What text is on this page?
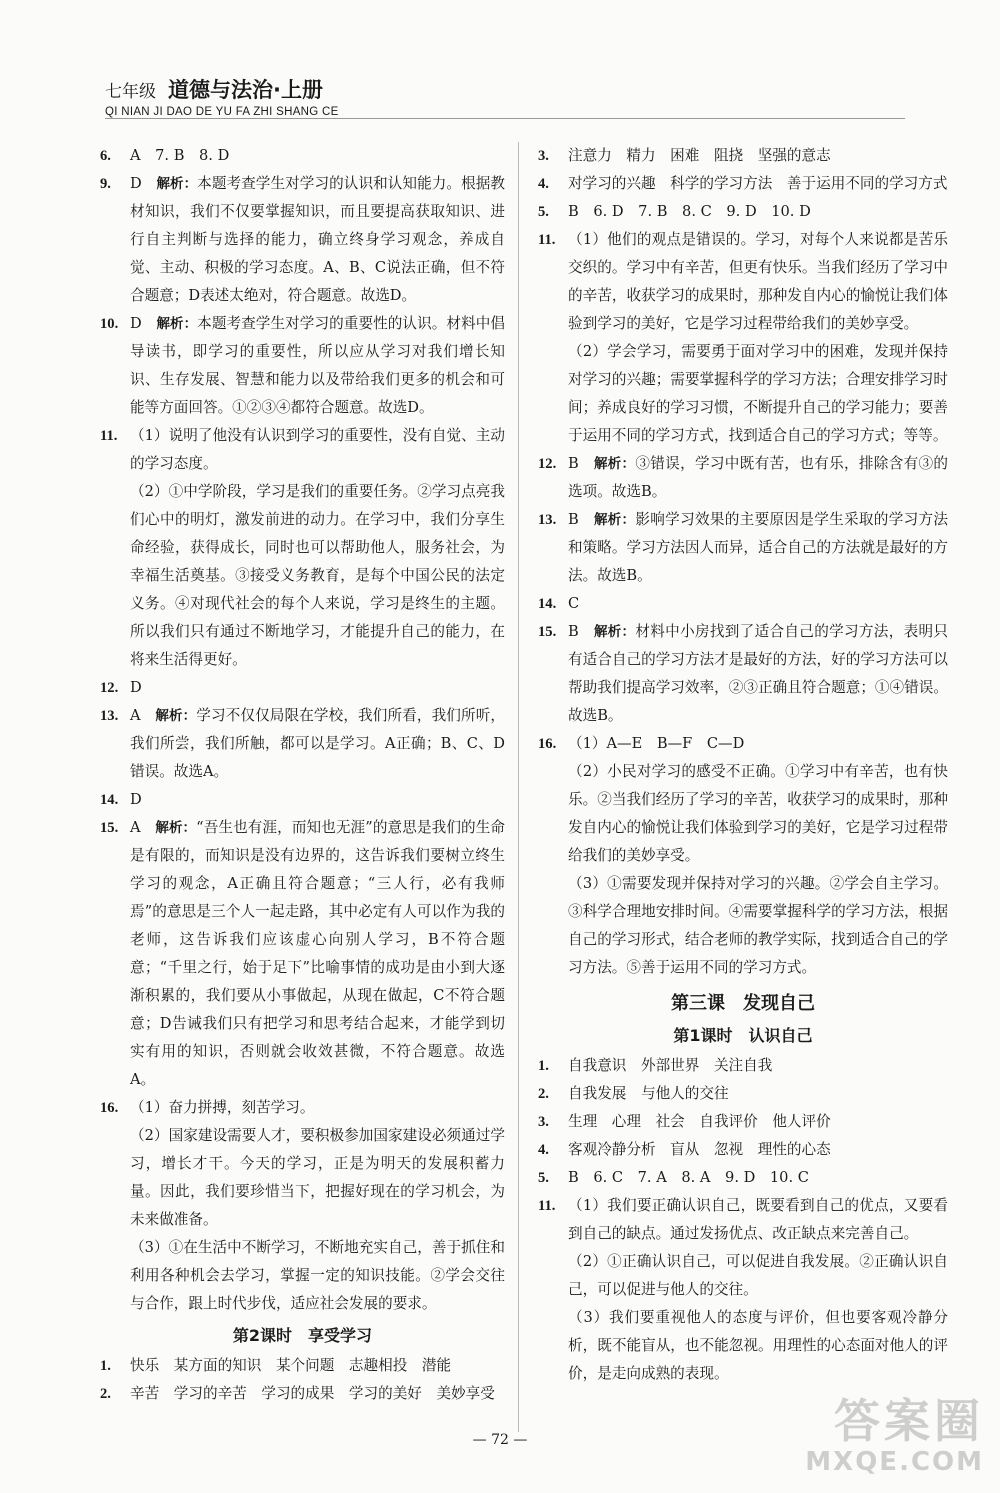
七年级 道德与法治·上册
QI NIAN JI DAO DE YU FA ZHI SHANG CE
6.	A　7. B　8. D
9.	D　解析：本题考查学生对学习的认识和认知能力。根据教材知识，我们不仅要掌握知识，而且要提高获取知识、进行自主判断与选择的能力，确立终身学习观念，养成自觉、主动、积极的学习态度。A、B、C说法正确，但不符合题意；D表述太绝对，符合题意。故选D。
10. D　解析：本题考查学生对学习的重要性的认识。材料中倡导读书，即学习的重要性，所以应从学习对我们增长知识、生存发展、智慧和能力以及带给我们更多的机会和可能等方面回答。①②③④都符合题意。故选D。
11. （1）说明了他没有认识到学习的重要性，没有自觉、主动的学习态度。
（2）①中学阶段，学习是我们的重要任务。②学习点亮我们心中的明灯，激发前进的动力。在学习中，我们分享生命经验，获得成长，同时也可以帮助他人，服务社会，为幸福生活奠基。③接受义务教育，是每个中国公民的法定义务。④对现代社会的每个人来说，学习是终生的主题。所以我们只有通过不断地学习，才能提升自己的能力，在将来生活得更好。
12. D
13. A　解析：学习不仅仅局限在学校，我们所看，我们所听，我们所尝，我们所触，都可以是学习。A正确；B、C、D错误。故选A。
14. D
15. A　解析：“吾生也有涯，而知也无涯”的意思是我们的生命是有限的，而知识是没有边界的，这告诉我们要树立终生学习的观念，A正确且符合题意；“三人行，必有我师焉”的意思是三个人一起走路，其中必定有人可以作为我的老师，这告诉我们应该虚心向别人学习，B不符合题意；“千里之行，始于足下”比喻事情的成功是由小到大逐渐积累的，我们要从小事做起，从现在做起，C不符合题意；D告诫我们只有把学习和思考结合起来，才能学到切实有用的知识，否则就会收效甚微，不符合题意。故选A。
16. （1）奋力拼搏，刻苦学习。
（2）国家建设需要人才，要积极参加国家建设必须通过学习，增长才干。今天的学习，正是为明天的发展积蓄力量。因此，我们要珍惜当下，把握好现在的学习机会，为未来做准备。
（3）①在生活中不断学习，不断地充实自己，善于抓住和利用各种机会去学习，掌握一定的知识技能。②学会交往与合作，跟上时代步伐，适应社会发展的要求。
第2课时　享受学习
1.	快乐　某方面的知识　某个问题　志趣相投　潜能
2.	辛苦　学习的辛苦　学习的成果　学习的美好　美妙享受
3.	注意力　精力　困难　阻挠　坚强的意志
4.	对学习的兴趣　科学的学习方法　善于运用不同的学习方式
5.	B　6. D　7. B　8. C　9. D　10. D
11. （1）他们的观点是错误的。学习，对每个人来说都是苦乐交织的。学习中有辛苦，但更有快乐。当我们经历了学习中的辛苦，收获学习的成果时，那种发自内心的愉悦让我们体验到学习的美好，它是学习过程带给我们的美妙享受。
（2）学会学习，需要勇于面对学习中的困难，发现并保持对学习的兴趣；需要掌握科学的学习方法；合理安排学习时间；养成良好的学习习惯，不断提升自己的学习能力；要善于运用不同的学习方式，找到适合自己的学习方式；等等。
12. B　解析：③错误，学习中既有苦，也有乐，排除含有③的选项。故选B。
13. B　解析：影响学习效果的主要原因是学生采取的学习方法和策略。学习方法因人而异，适合自己的方法就是最好的方法。故选B。
14. C
15. B　解析：材料中小房找到了适合自己的学习方法，表明只有适合自己的学习方法才是最好的方法，好的学习方法可以帮助我们提高学习效率，②③正确且符合题意；①④错误。故选B。
16. （1）A—E　B—F　C—D
（2）小民对学习的感受不正确。①学习中有辛苦，也有快乐。②当我们经历了学习的辛苦，收获学习的成果时，那种发自内心的愉悦让我们体验到学习的美好，它是学习过程带给我们的美妙享受。
（3）①需要发现并保持对学习的兴趣。②学会自主学习。③科学合理地安排时间。④需要掌握科学的学习方法，根据自己的学习形式，结合老师的教学实际，找到适合自己的学习方法。⑤善于运用不同的学习方式。
第三课　发现自己
第1课时　认识自己
1.	自我意识　外部世界　关注自我
2.	自我发展　与他人的交往
3.	生理　心理　社会　自我评价　他人评价
4.	客观冷静分析　盲从　忽视　理性的心态
5.	B　6. C　7. A　8. A　9. D　10. C
11. （1）我们要正确认识自己，既要看到自己的优点，又要看到自己的缺点。通过发扬优点、改正缺点来完善自己。
（2）①正确认识自己，可以促进自我发展。②正确认识自己，可以促进与他人的交往。
（3）我们要重视他人的态度与评价，但也要客观冷静分析，既不能盲从，也不能忽视。用理性的心态面对他人的评价，是走向成熟的表现。
— 72 —	答案圈
MXQE.COM
